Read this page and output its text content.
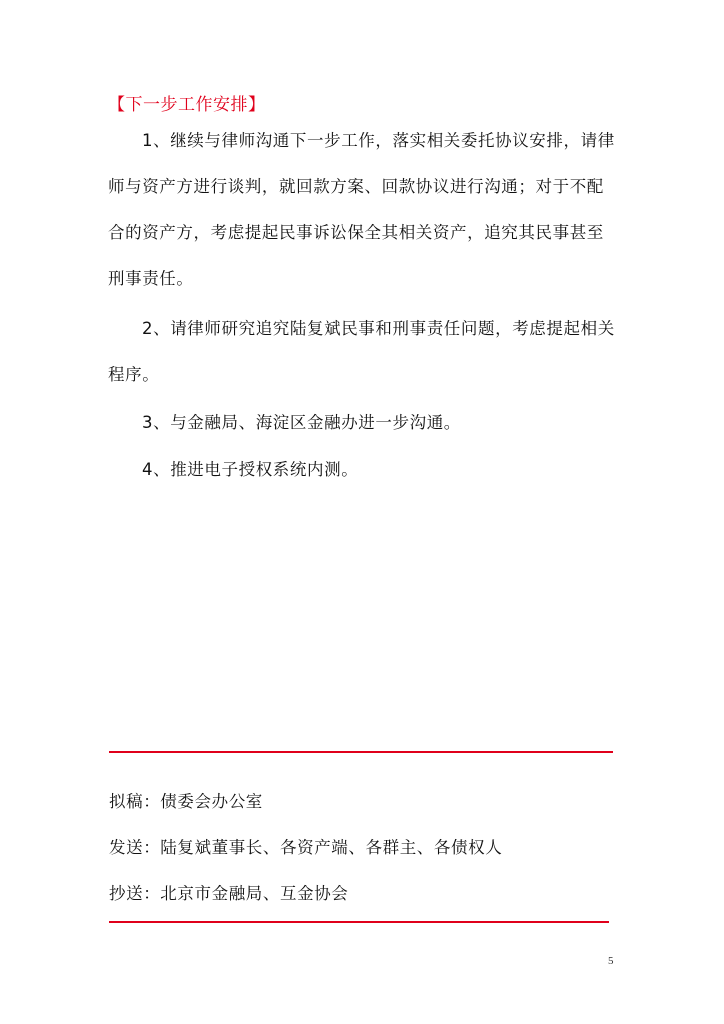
【下一步工作安排】

1、继续与律师沟通下一步工作，落实相关委托协议安排，请律师与资产方进行谈判，就回款方案、回款协议进行沟通；对于不配合的资产方，考虑提起民事诉讼保全其相关资产，追究其民事甚至刑事责任。

2、请律师研究追究陆复斌民事和刑事责任问题，考虑提起相关程序。

3、与金融局、海淀区金融办进一步沟通。

4、推进电子授权系统内测。

拟稿：债委会办公室
发送：陆复斌董事长、各资产端、各群主、各债权人
抄送：北京市金融局、互金协会
5
